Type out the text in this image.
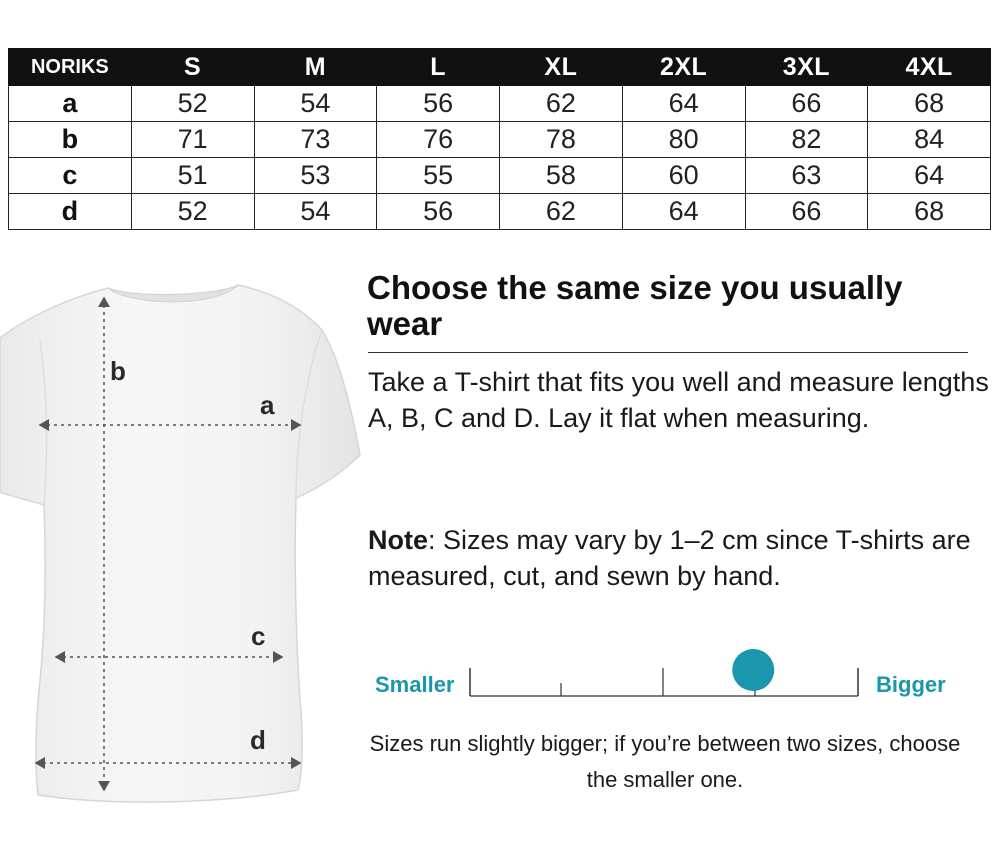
NORIKS	S	M	L	XL	2XL	3XL	4XL
a	52	54	56	62	64	66	68
b	71	73	76	78	80	82	84
c	51	53	55	58	60	63	64
d	52	54	56	62	64	66	68
b
a
c
d
Choose the same size you usually wear

Take a T-shirt that fits you well and measure lengths A, B, C and D. Lay it flat when measuring.

Note: Sizes may vary by 1–2 cm since T-shirts are measured, cut, and sewn by hand.

Smaller	Bigger

Sizes run slightly bigger; if you’re between two sizes, choose the smaller one.
